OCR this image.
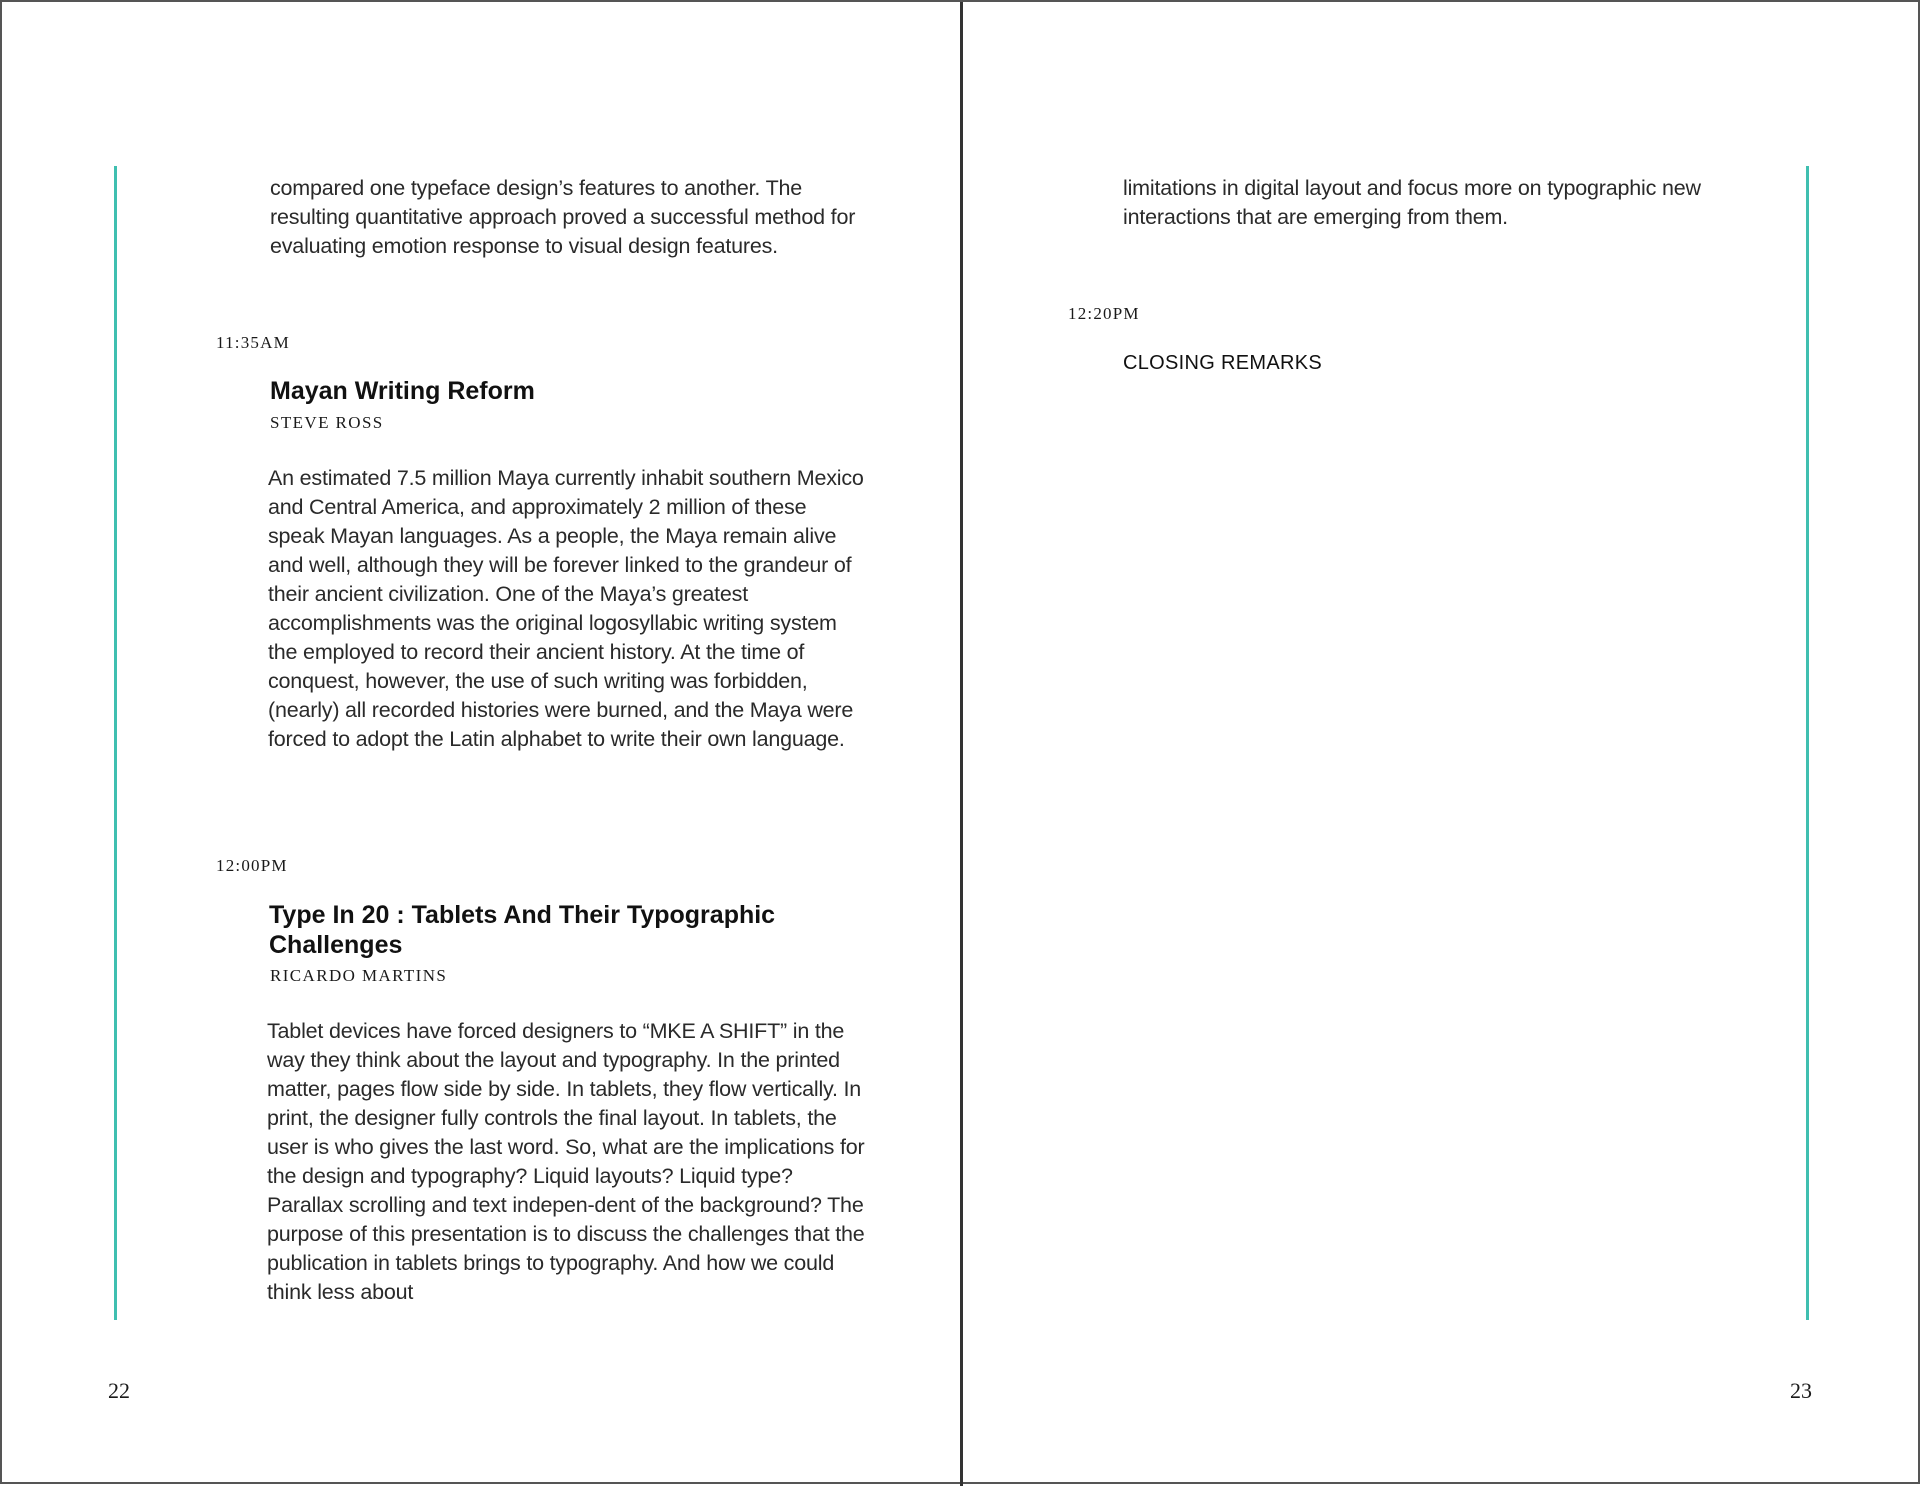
compared one typeface design’s features to another. The resulting quantitative approach proved a successful method for evaluating emotion response to visual design features.

11:35AM
Mayan Writing Reform
STEVE ROSS

An estimated 7.5 million Maya currently inhabit southern Mexico and Central America, and approximately 2 million of these speak Mayan languages. As a people, the Maya remain alive and well, although they will be forever linked to the grandeur of their ancient civilization. One of the Maya’s greatest accomplishments was the original logosyllabic writing system the employed to record their ancient history. At the time of conquest, however, the use of such writing was forbidden, (nearly) all recorded histories were burned, and the Maya were forced to adopt the Latin alphabet to write their own language.

12:00PM
Type In 20 : Tablets And Their Typographic Challenges
RICARDO MARTINS

Tablet devices have forced designers to “MKE A SHIFT” in the way they think about the layout and typography. In the printed matter, pages flow side by side. In tablets, they flow vertically. In print, the designer fully controls the final layout. In tablets, the user is who gives the last word. So, what are the implications for the design and typography? Liquid layouts? Liquid type? Parallax scrolling and text indepen-dent of the background? The purpose of this presentation is to discuss the challenges that the publication in tablets brings to typography. And how we could think less about

22

limitations in digital layout and focus more on typographic new interactions that are emerging from them.

12:20PM
CLOSING REMARKS
23
